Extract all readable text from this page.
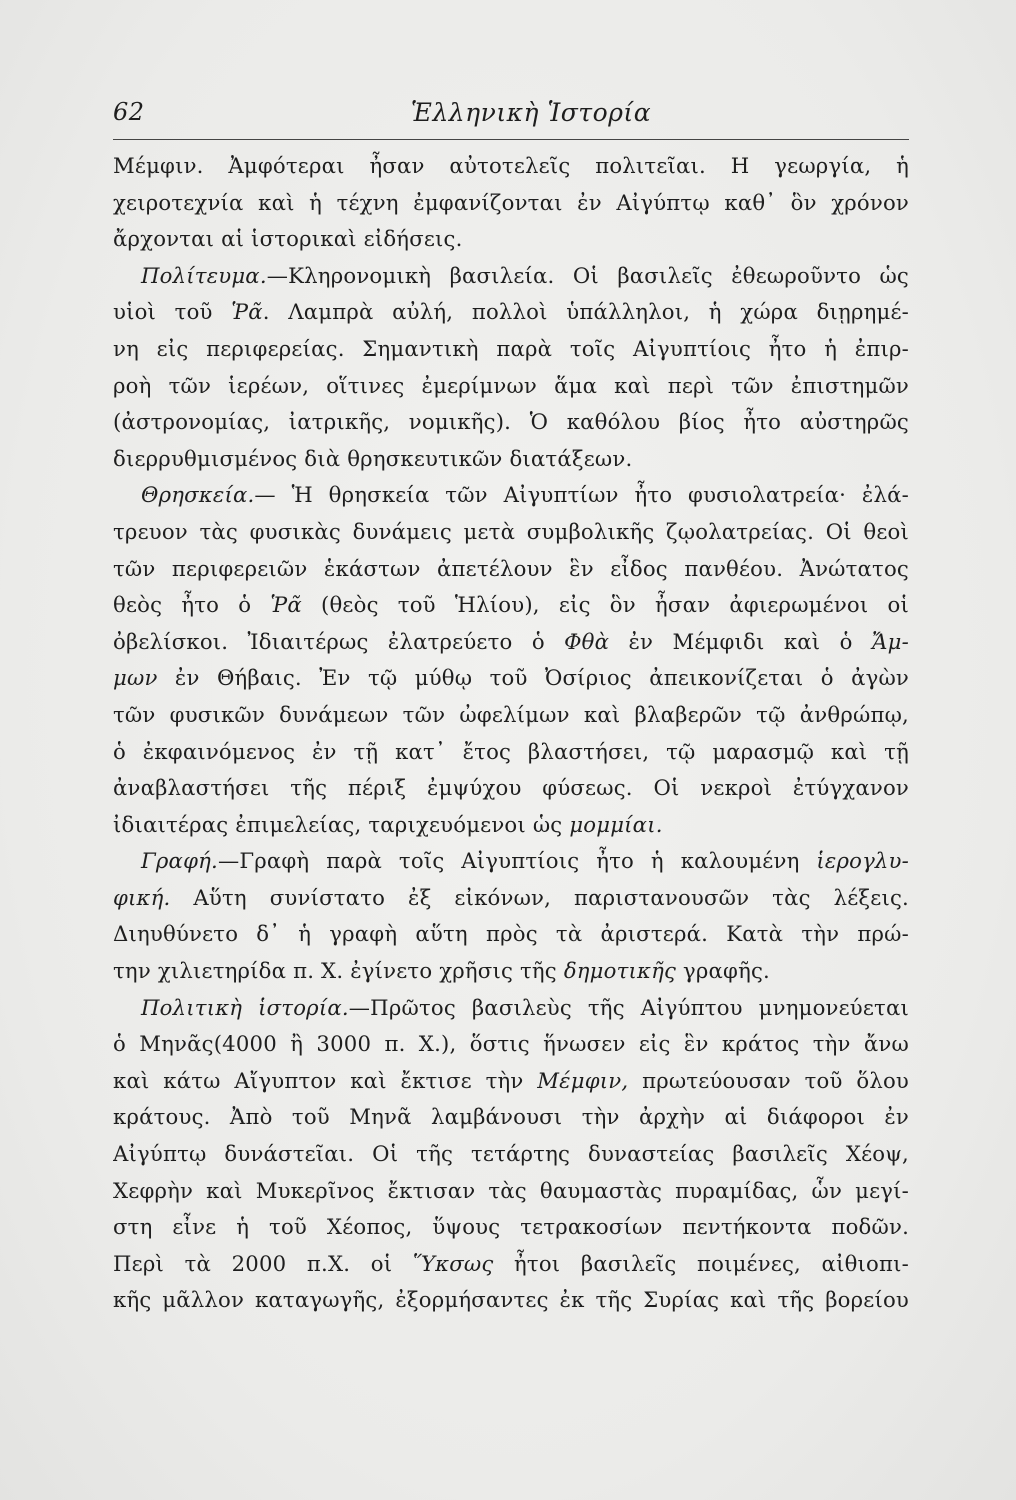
62	Ἑλληνικὴ Ἱστορία
Μέμφιν. Ἀμφότεραι ἦσαν αὐτοτελεῖς πολιτεῖαι. Η γεωργία, ἡ
χειροτεχνία καὶ ἡ τέχνη ἐμφανίζονται ἐν Αἰγύπτῳ καθ᾽ ὃν χρόνον
ἄρχονται αἱ ἱστορικαὶ εἰδήσεις.
Πολίτευμα.—Κληρονομικὴ βασιλεία. Οἱ βασιλεῖς ἐθεωροῦντο ὡς
υἱοὶ τοῦ Ῥᾶ. Λαμπρὰ αὐλή, πολλοὶ ὑπάλληλοι, ἡ χώρα διῃρημέ-
νη εἰς περιφερείας. Σημαντικὴ παρὰ τοῖς Αἰγυπτίοις ἦτο ἡ ἐπιρ-
ροὴ τῶν ἱερέων, οἵτινες ἐμερίμνων ἅμα καὶ περὶ τῶν ἐπιστημῶν
(ἀστρονομίας, ἰατρικῆς, νομικῆς). Ὁ καθόλου βίος ἦτο αὐστηρῶς
διερρυθμισμένος διὰ θρησκευτικῶν διατάξεων.
Θρησκεία.— Ἡ θρησκεία τῶν Αἰγυπτίων ἦτο φυσιολατρεία· ἐλά-
τρευον τὰς φυσικὰς δυνάμεις μετὰ συμβολικῆς ζῳολατρείας. Οἱ θεοὶ
τῶν περιφερειῶν ἑκάστων ἀπετέλουν ἓν εἶδος πανθέου. Ἀνώτατος
θεὸς ἦτο ὁ Ῥᾶ (θεὸς τοῦ Ἡλίου), εἰς ὃν ἦσαν ἀφιερωμένοι οἱ
ὀβελίσκοι. Ἰδιαιτέρως ἐλατρεύετο ὁ Φθὰ ἐν Μέμφιδι καὶ ὁ Ἄμ-
μων ἐν Θήβαις. Ἐν τῷ μύθῳ τοῦ Ὀσίριος ἀπεικονίζεται ὁ ἀγὼν
τῶν φυσικῶν δυνάμεων τῶν ὠφελίμων καὶ βλαβερῶν τῷ ἀνθρώπῳ,
ὁ ἐκφαινόμενος ἐν τῇ κατ᾽ ἔτος βλαστήσει, τῷ μαρασμῷ καὶ τῇ
ἀναβλαστήσει τῆς πέριξ ἐμψύχου φύσεως. Οἱ νεκροὶ ἐτύγχανον
ἰδιαιτέρας ἐπιμελείας, ταριχευόμενοι ὡς μομμίαι.
Γραφή.—Γραφὴ παρὰ τοῖς Αἰγυπτίοις ἦτο ἡ καλουμένη ἱερογλυ-
φική. Αὕτη συνίστατο ἐξ εἰκόνων, παριστανουσῶν τὰς λέξεις.
Διηυθύνετο δ᾽ ἡ γραφὴ αὕτη πρὸς τὰ ἀριστερά. Κατὰ τὴν πρώ-
την χιλιετηρίδα π. Χ. ἐγίνετο χρῆσις τῆς δημοτικῆς γραφῆς.
Πολιτικὴ ἱστορία.—Πρῶτος βασιλεὺς τῆς Αἰγύπτου μνημονεύεται
ὁ Μηνᾶς(4000 ἢ 3000 π. Χ.), ὅστις ἥνωσεν εἰς ἓν κράτος τὴν ἄνω
καὶ κάτω Αἴγυπτον καὶ ἔκτισε τὴν Μέμφιν, πρωτεύουσαν τοῦ ὅλου
κράτους. Ἀπὸ τοῦ Μηνᾶ λαμβάνουσι τὴν ἀρχὴν αἱ διάφοροι ἐν
Αἰγύπτῳ δυνάστεῖαι. Οἱ τῆς τετάρτης δυναστείας βασιλεῖς Χέοψ,
Χεφρὴν καὶ Μυκερῖνος ἔκτισαν τὰς θαυμαστὰς πυραμίδας, ὧν μεγί-
στη εἶνε ἡ τοῦ Χέοπος, ὕψους τετρακοσίων πεντήκοντα ποδῶν.
Περὶ τὰ 2000 π.Χ. οἱ Ὕκσως ἦτοι βασιλεῖς ποιμένες, αἰθιοπι-
κῆς μᾶλλον καταγωγῆς, ἐξορμήσαντες ἐκ τῆς Συρίας καὶ τῆς βορείου
